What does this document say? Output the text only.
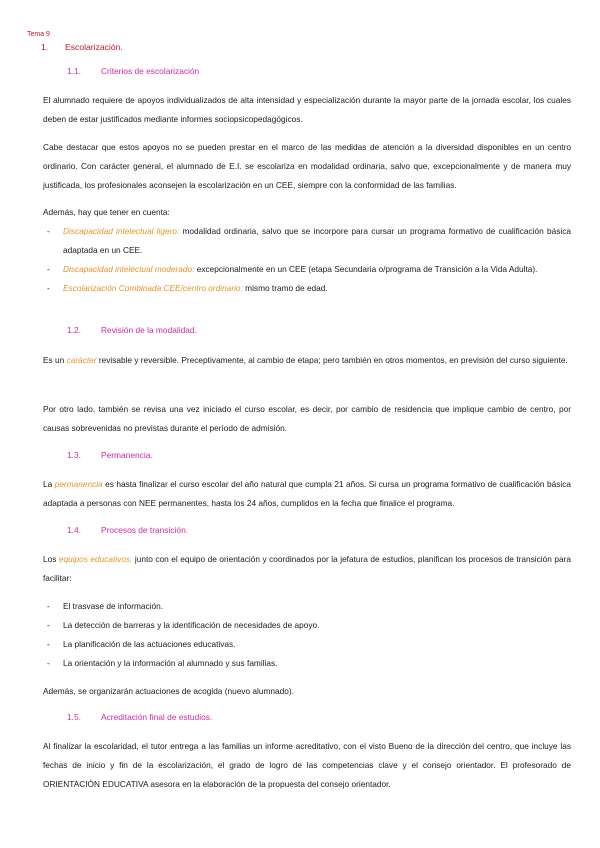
Tema 9
1. Escolarización.
1.1. Criterios de escolarización
El alumnado requiere de apoyos individualizados de alta intensidad y especialización durante la mayor parte de la jornada escolar, los cuales deben de estar justificados mediante informes sociopsicopedagógicos.
Cabe destacar que estos apoyos no se pueden prestar en el marco de las medidas de atención a la diversidad disponibles en un centro ordinario. Con carácter general, el alumnado de E.I. se escolariza en modalidad ordinaria, salvo que, excepcionalmente y de manera muy justificada, los profesionales aconsejen la escolarización en un CEE, siempre con la conformidad de las familias.
Además, hay que tener en cuenta:
- Discapacidad intelectual ligero: modalidad ordinaria, salvo que se incorpore para cursar un programa formativo de cualificación básica adaptada en un CEE.
- Discapacidad intelectual moderado: excepcionalmente en un CEE (etapa Secundaria o/programa de Transición a la Vida Adulta).
- Escolarización Combinada CEE/centro ordinario: mismo tramo de edad.
1.2. Revisión de la modalidad.
Es un carácter revisable y reversible. Preceptivamente, al cambio de etapa; pero también en otros momentos, en previsión del curso siguiente.
Por otro lado, también se revisa una vez iniciado el curso escolar, es decir, por cambio de residencia que implique cambio de centro, por causas sobrevenidas no previstas durante el período de admisión.
1.3. Permanencia.
La permanencia es hasta finalizar el curso escolar del año natural que cumpla 21 años. Si cursa un programa formativo de cualificación básica adaptada a personas con NEE permanentes, hasta los 24 años, cumplidos en la fecha que finalice el programa.
1.4. Procesos de transición.
Los equipos educativos, junto con el equipo de orientación y coordinados por la jefatura de estudios, planifican los procesos de transición para facilitar:
- El trasvase de información.
- La detección de barreras y la identificación de necesidades de apoyo.
- La planificación de las actuaciones educativas.
- La orientación y la información al alumnado y sus familias.
Además, se organizarán actuaciones de acogida (nuevo alumnado).
1.5. Acreditación final de estudios.
Al finalizar la escolaridad, el tutor entrega a las familias un informe acreditativo, con el visto Bueno de la dirección del centro, que incluye las fechas de inicio y fin de la escolarización, el grado de logro de las competencias clave y el consejo orientador. El profesorado de ORIENTACIÓN EDUCATIVA asesora en la elaboración de la propuesta del consejo orientador.
